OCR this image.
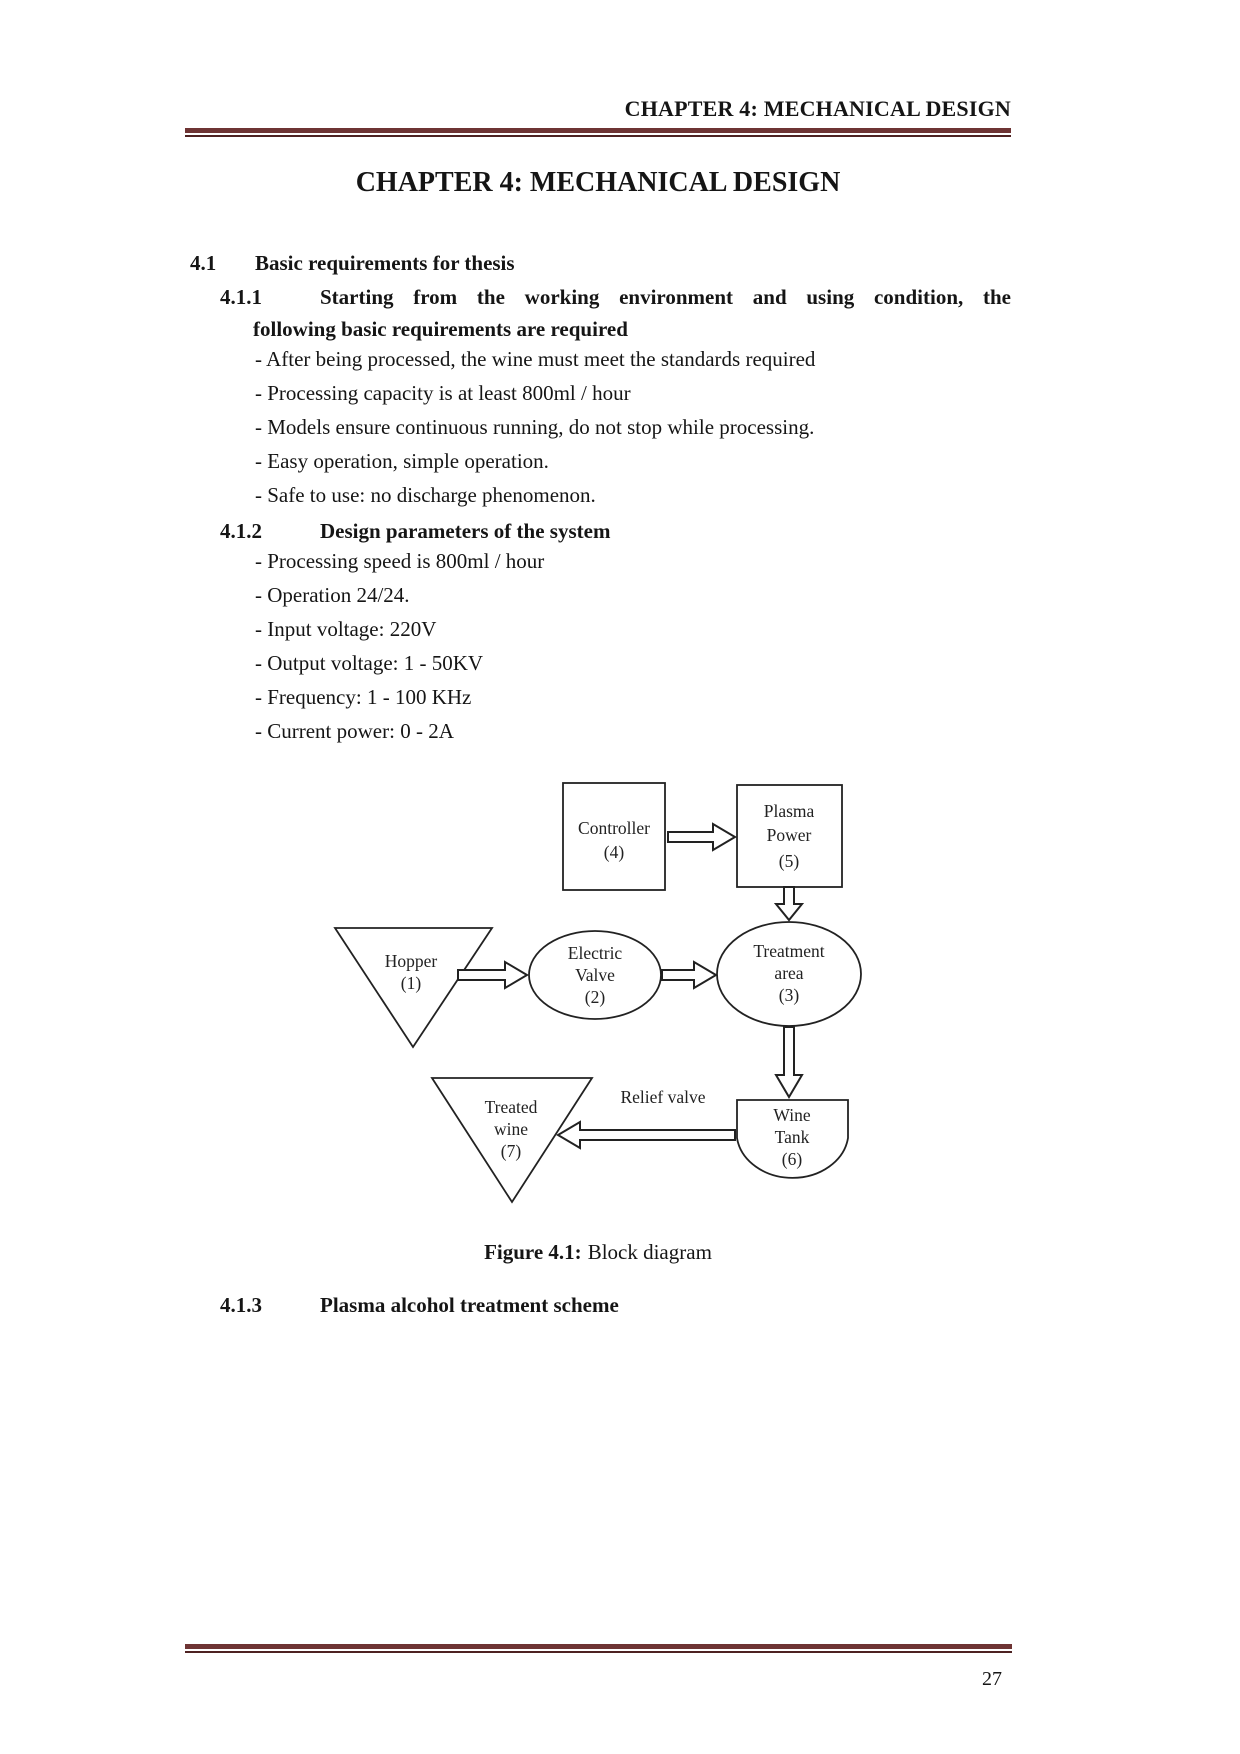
CHAPTER 4: MECHANICAL DESIGN
CHAPTER 4: MECHANICAL DESIGN
4.1 Basic requirements for thesis
4.1.1	Starting from the working environment and using condition, the
following basic requirements are required
- After being processed, the wine must meet the standards required
- Processing capacity is at least 800ml / hour
- Models ensure continuous running, do not stop while processing.
- Easy operation, simple operation.
- Safe to use: no discharge phenomenon.
4.1.2	Design parameters of the system
- Processing speed is 800ml / hour
- Operation 24/24.
- Input voltage: 220V
- Output voltage: 1 - 50KV
- Frequency: 1 - 100 KHz
- Current power: 0 - 2A
Controller
(4)
Plasma
Power
(5)
Hopper
(1)
Electric
Valve
(2)
Treatment
area
(3)
Wine
Tank
(6)
Treated
wine
(7)
Relief valve
Figure 4.1: Block diagram
4.1.3	Plasma alcohol treatment scheme
27
